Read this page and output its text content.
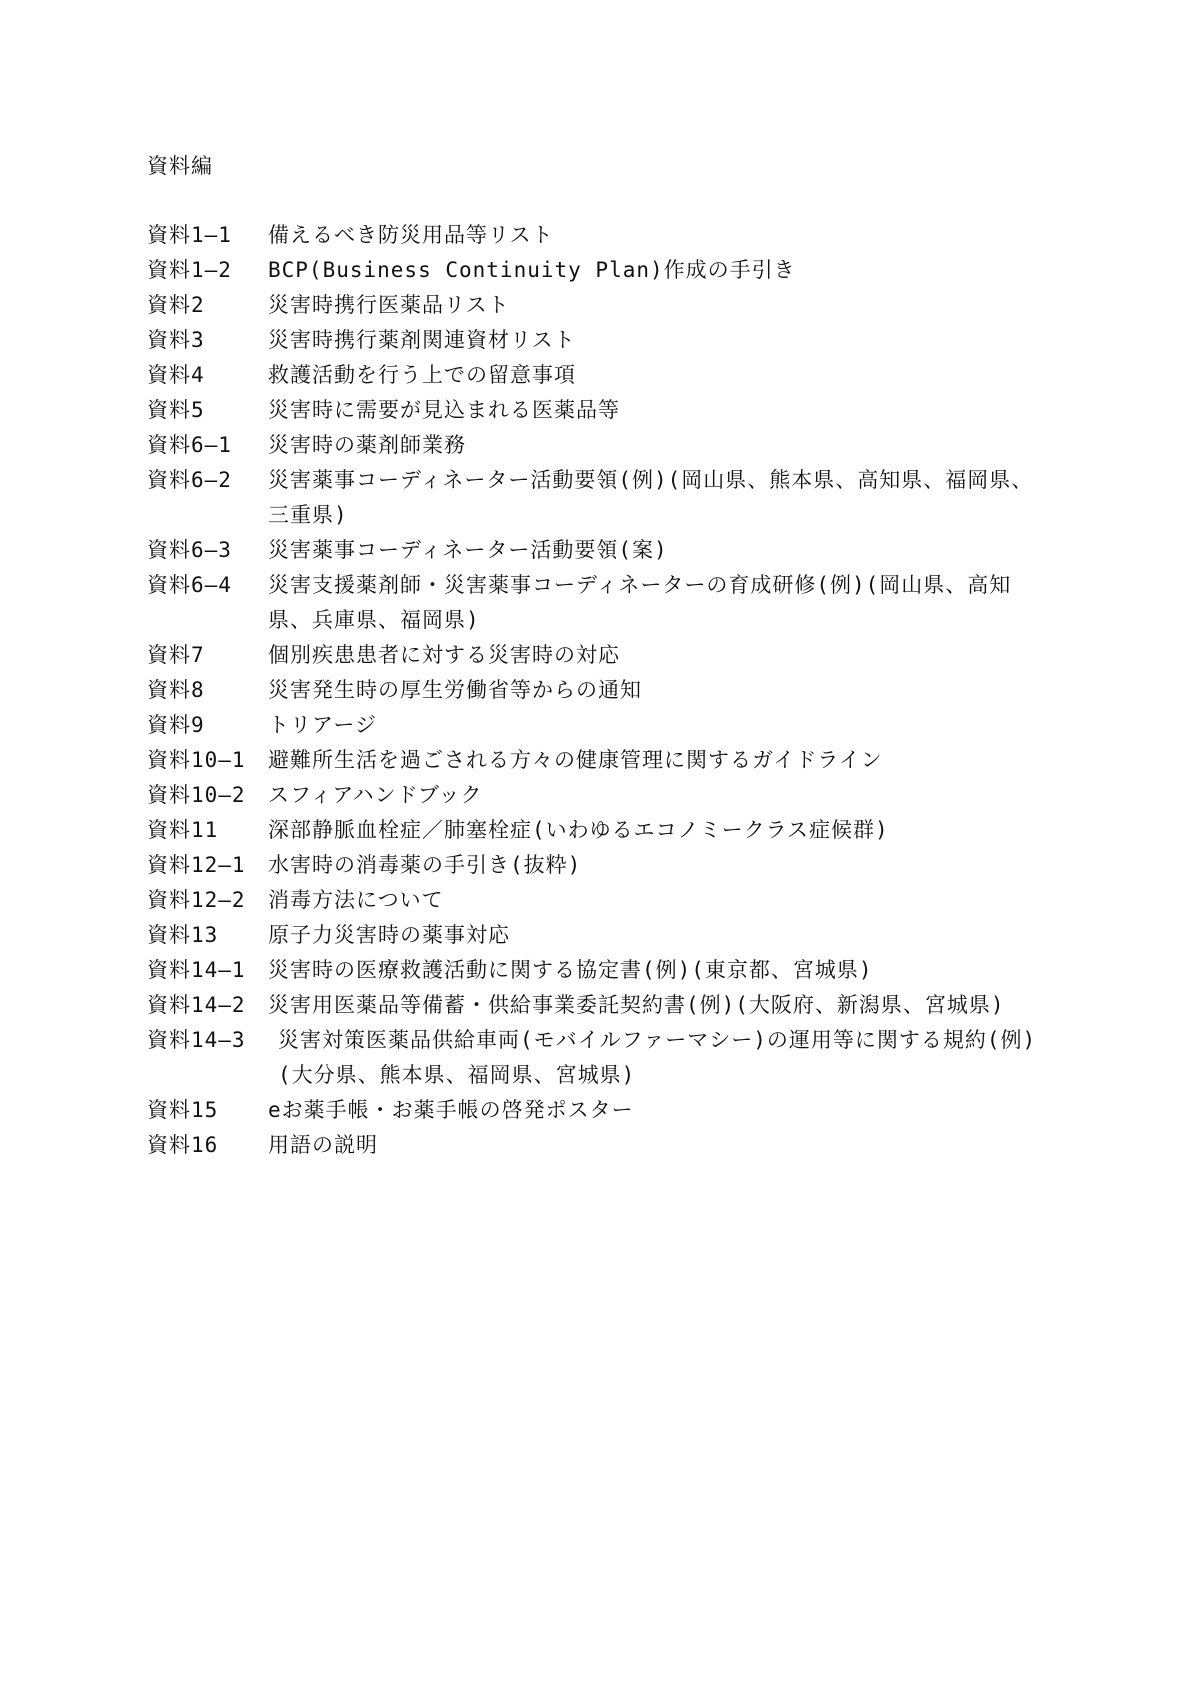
資料編
資料1—1	備えるべき防災用品等リスト
資料1—2	BCP(Business Continuity Plan)作成の手引き
資料2	災害時携行医薬品リスト
資料3	災害時携行薬剤関連資材リスト
資料4	救護活動を行う上での留意事項
資料5	災害時に需要が見込まれる医薬品等
資料6—1	災害時の薬剤師業務
資料6—2	災害薬事コーディネーター活動要領(例)(岡山県、熊本県、高知県、福岡県、三重県)
資料6—3	災害薬事コーディネーター活動要領(案)
資料6—4	災害支援薬剤師・災害薬事コーディネーターの育成研修(例)(岡山県、高知県、兵庫県、福岡県)
資料7	個別疾患患者に対する災害時の対応
資料8	災害発生時の厚生労働省等からの通知
資料9	トリアージ
資料10—1	避難所生活を過ごされる方々の健康管理に関するガイドライン
資料10—2	スフィアハンドブック
資料11	深部静脈血栓症／肺塞栓症(いわゆるエコノミークラス症候群)
資料12—1	水害時の消毒薬の手引き(抜粋)
資料12—2	消毒方法について
資料13	原子力災害時の薬事対応
資料14—1	災害時の医療救護活動に関する協定書(例)(東京都、宮城県)
資料14—2	災害用医薬品等備蓄・供給事業委託契約書(例)(大阪府、新潟県、宮城県)
資料14—3	災害対策医薬品供給車両(モバイルファーマシー)の運用等に関する規約(例)(大分県、熊本県、福岡県、宮城県)
資料15	eお薬手帳・お薬手帳の啓発ポスター
資料16	用語の説明
